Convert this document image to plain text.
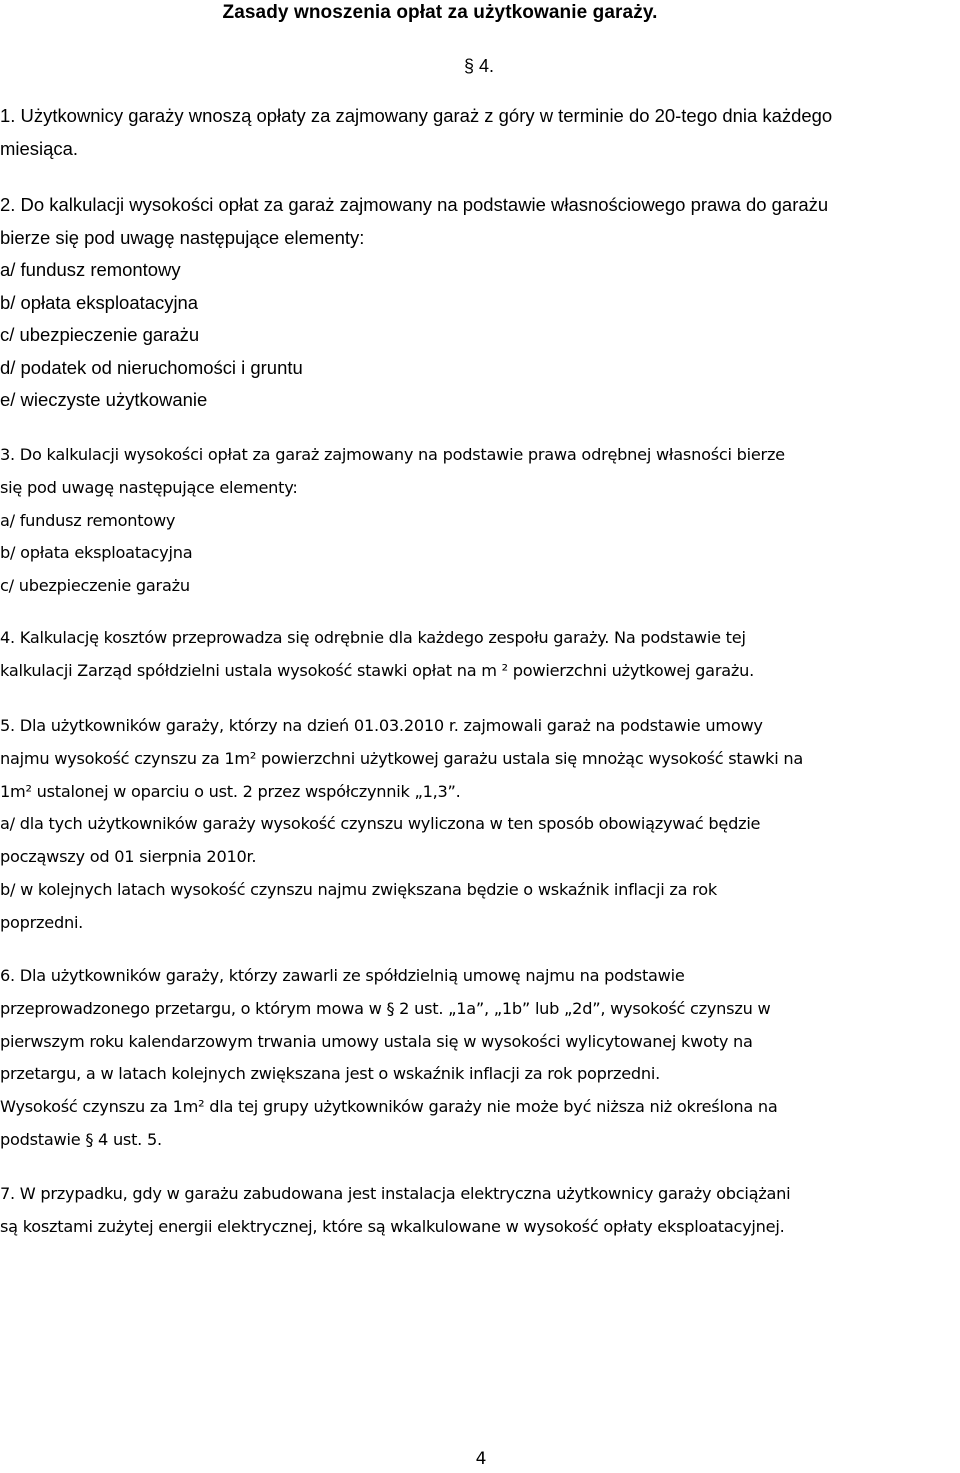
Zasady wnoszenia opłat za użytkowanie garaży.
§ 4.
1. Użytkownicy garaży wnoszą opłaty za zajmowany garaż z góry w terminie do 20-tego dnia każdego
miesiąca.
2. Do kalkulacji wysokości opłat za garaż zajmowany na podstawie własnościowego prawa do garażu
bierze się pod uwagę następujące elementy:
a/ fundusz remontowy
b/ opłata eksploatacyjna
c/ ubezpieczenie garażu
d/ podatek od nieruchomości i gruntu
e/ wieczyste użytkowanie
3. Do kalkulacji wysokości opłat za garaż zajmowany na podstawie prawa odrębnej własności bierze
się pod uwagę następujące elementy:
a/ fundusz remontowy
b/ opłata eksploatacyjna
c/ ubezpieczenie garażu
4. Kalkulację kosztów przeprowadza się odrębnie dla każdego zespołu garaży. Na podstawie tej
kalkulacji Zarząd spółdzielni ustala wysokość stawki opłat na m ² powierzchni użytkowej garażu.
5. Dla użytkowników garaży, którzy na dzień 01.03.2010 r. zajmowali garaż na podstawie umowy
najmu wysokość czynszu za 1m² powierzchni użytkowej garażu ustala się mnożąc wysokość stawki na
1m² ustalonej w oparciu o ust. 2 przez współczynnik „1,3”.
a/ dla tych użytkowników garaży wysokość czynszu wyliczona w ten sposób obowiązywać będzie
począwszy od 01 sierpnia 2010r.
b/ w kolejnych latach wysokość czynszu najmu zwiększana będzie o wskaźnik inflacji za rok
poprzedni.
6. Dla użytkowników garaży, którzy zawarli ze spółdzielnią umowę najmu na podstawie
przeprowadzonego przetargu, o którym mowa w § 2 ust. „1a”, „1b” lub „2d”, wysokość czynszu w
pierwszym roku kalendarzowym trwania umowy ustala się w wysokości wylicytowanej kwoty na
przetargu, a w latach kolejnych zwiększana jest o wskaźnik inflacji za rok poprzedni.
Wysokość czynszu za 1m² dla tej grupy użytkowników garaży nie może być niższa niż określona na
podstawie § 4 ust. 5.
7. W przypadku, gdy w garażu zabudowana jest instalacja elektryczna użytkownicy garaży obciążani
są kosztami zużytej energii elektrycznej, które są wkalkulowane w wysokość opłaty eksploatacyjnej.
4
